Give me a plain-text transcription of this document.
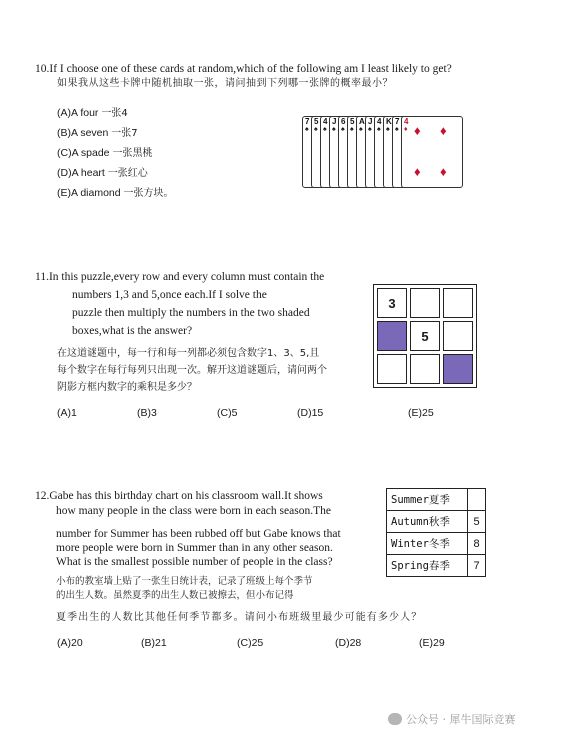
10.If I choose one of these cards at random,which of the following am I least likely to get?
如果我从这些卡牌中随机抽取一张，请问抽到下列哪一张牌的概率最小？
(A)A four 一张4
(B)A seven 一张7
(C)A spade 一张黑桃
(D)A heart 一张红心
(E)A diamond 一张方块。
7
♠
5
♠
4
♠
J
♠
6
♠
5
♠
A
♠
J
♠
4
♠
K
♠
7
♠
4
♦ ♦ ♦
♦ ♦
11.In this puzzle,every row and every column must contain the
numbers 1,3 and 5,once each.If I solve the
puzzle then multiply the numbers in the two shaded
boxes,what is the answer?
在这道谜题中，每一行和每一列都必须包含数字1、3、5,且
每个数字在每行每列只出现一次。解开这道谜题后，请问两个
阴影方框内数字的乘积是多少？
3
5
(A)1	(B)3	(C)5	(D)15	(E)25
12.Gabe has this birthday chart on his classroom wall.It shows
how many people in the class were born in each season.The
number for Summer has been rubbed off but Gabe knows that
more people were born in Summer than in any other season.
What is the smallest possible number of people in the class?
小布的教室墙上贴了一张生日统计表，记录了班级上每个季节
的出生人数。虽然夏季的出生人数已被擦去，但小布记得
夏季出生的人数比其他任何季节都多。请问小布班级里最少可能有多少人？
Summer夏季	
Autumn秋季	5
Winter冬季	8
Spring春季	7
(A)20	(B)21	(C)25	(D)28	(E)29
公众号 · 犀牛国际竞赛
